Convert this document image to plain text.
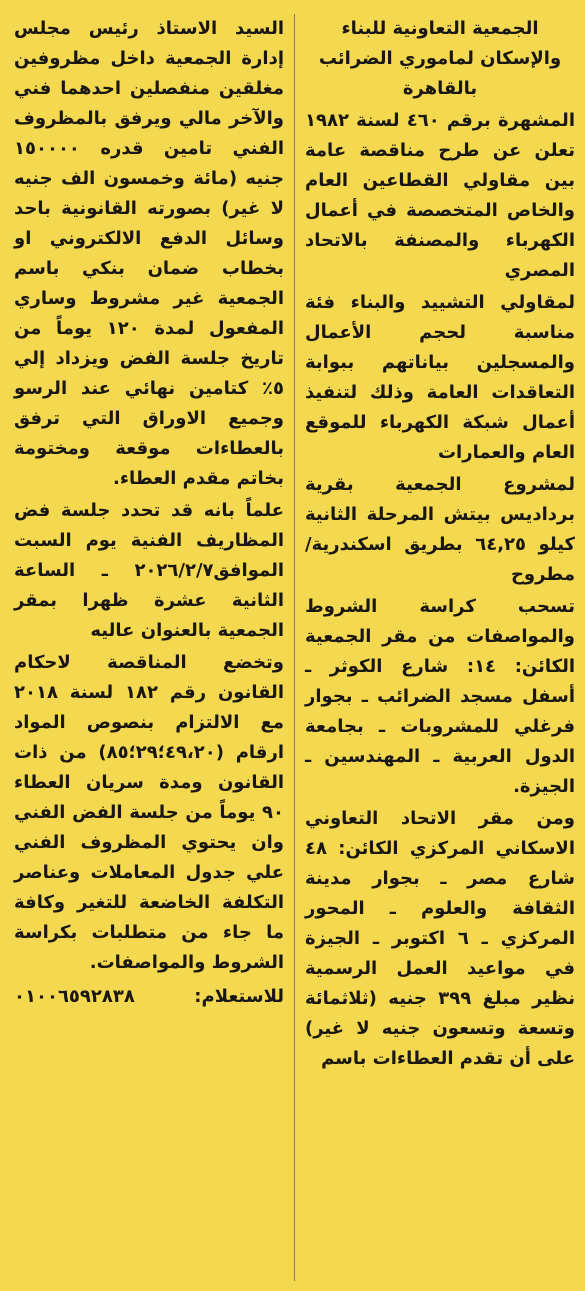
الجمعية التعاونية للبناء والإسكان لماموري الضرائب بالقاهرة

المشهرة برقم ٤٦٠ لسنة ١٩٨٢ تعلن عن طرح مناقصة عامة بين مقاولي القطاعين العام والخاص المتخصصة في أعمال الكهرباء والمصنفة بالاتحاد المصري

لمقاولي التشييد والبناء فئة مناسبة لحجم الأعمال والمسجلين بياناتهم ببوابة التعاقدات العامة وذلك لتنفيذ أعمال شبكة الكهرباء للموقع العام والعمارات

لمشروع الجمعية بقرية برداديس بيتش المرحلة الثانية كيلو ٦٤,٢٥ بطريق اسكندرية/ مطروح

تسحب كراسة الشروط والمواصفات من مقر الجمعية الكائن: ١٤: شارع الكوثر ـ أسفل مسجد الضرائب ـ بجوار فرغلي للمشروبات ـ بجامعة الدول العربية ـ المهندسين ـ الجيزة.

ومن مقر الاتحاد التعاوني الاسكاني المركزي الكائن: ٤٨ شارع مصر ـ بجوار مدينة الثقافة والعلوم ـ المحور المركزي ـ ٦ اكتوبر ـ الجيزة في مواعيد العمل الرسمية نظير مبلغ ٣٩٩ جنيه (ثلاثمائة وتسعة وتسعون جنيه لا غير) على أن تقدم العطاءات باسم

السيد الاستاذ رئيس مجلس إدارة الجمعية داخل مظروفين مغلقين منفصلين احدهما فني والآخر مالي ويرفق بالمظروف الفني تامين قدره ١٥٠٠٠٠ جنيه (مائة وخمسون الف جنيه لا غير) بصورته القانونية باحد وسائل الدفع الالكتروني او بخطاب ضمان بنكي باسم الجمعية غير مشروط وساري المفعول لمدة ١٢٠ يوماً من تاريخ جلسة الفض ويزداد إلي ٥٪ كتامين نهائي عند الرسو وجميع الاوراق التي ترفق بالعطاءات موقعة ومختومة بخاتم مقدم العطاء.

علماً بانه قد تحدد جلسة فض المظاريف الفنية يوم السبت الموافق٢٠٢٦/٢/٧ ـ الساعة الثانية عشرة ظهرا بمقر الجمعية بالعنوان عاليه

وتخضع المناقصة لاحكام القانون رقم ١٨٢ لسنة ٢٠١٨ مع الالتزام بنصوص المواد ارقام (٤٩،٢٠؛٢٩؛٨٥) من ذات القانون ومدة سريان العطاء ٩٠ يوماً من جلسة الفض الفني وان يحتوي المظروف الفني علي جدول المعاملات وعناصر التكلفة الخاضعة للتغير وكافة ما جاء من متطلبات بكراسة الشروط والمواصفات.

للاستعلام:
٠١٠٠٦٥٩٢٨٣٨
